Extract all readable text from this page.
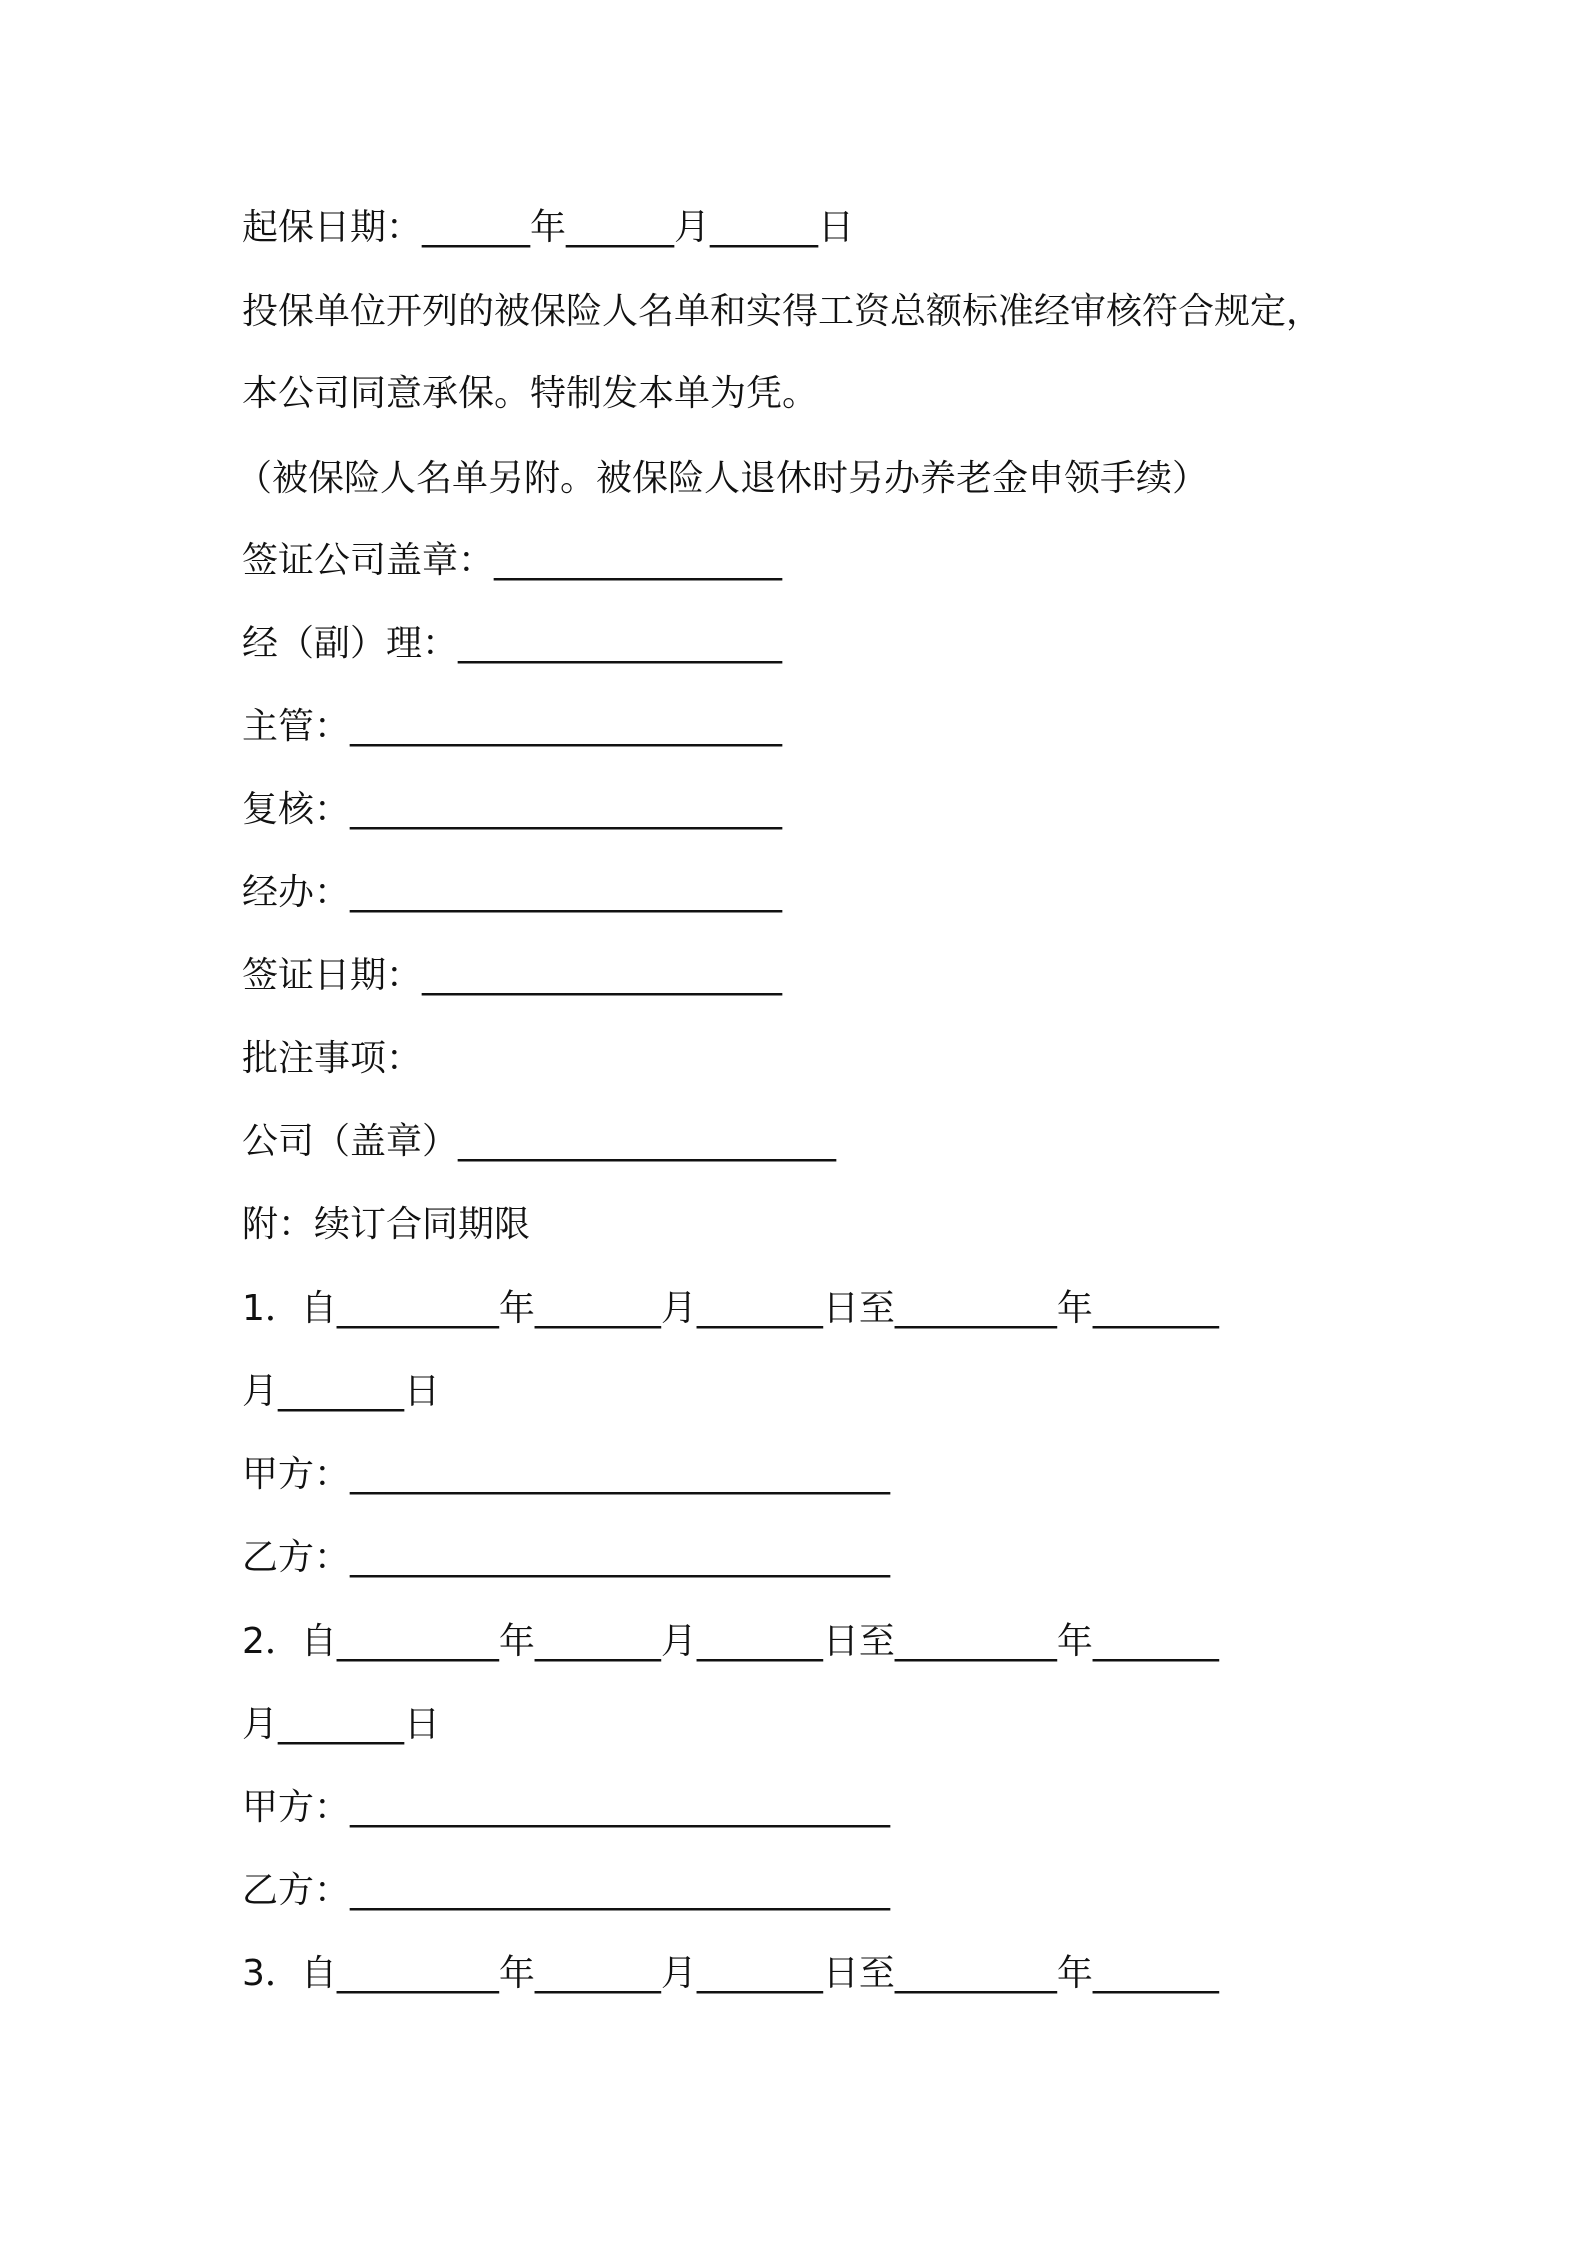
起保日期：______年______月______日
投保单位开列的被保险人名单和实得工资总额标准经审核符合规定，
本公司同意承保。特制发本单为凭。
（被保险人名单另附。被保险人退休时另办养老金申领手续）
签证公司盖章：________________
经（副）理：__________________
主管：________________________
复核：________________________
经办：________________________
签证日期：____________________
批注事项：
公司（盖章）_____________________
附：续订合同期限
1．自_________年_______月_______日至_________年_______
月_______日
甲方：______________________________
乙方：______________________________
2．自_________年_______月_______日至_________年_______
月_______日
甲方：______________________________
乙方：______________________________
3．自_________年_______月_______日至_________年_______
